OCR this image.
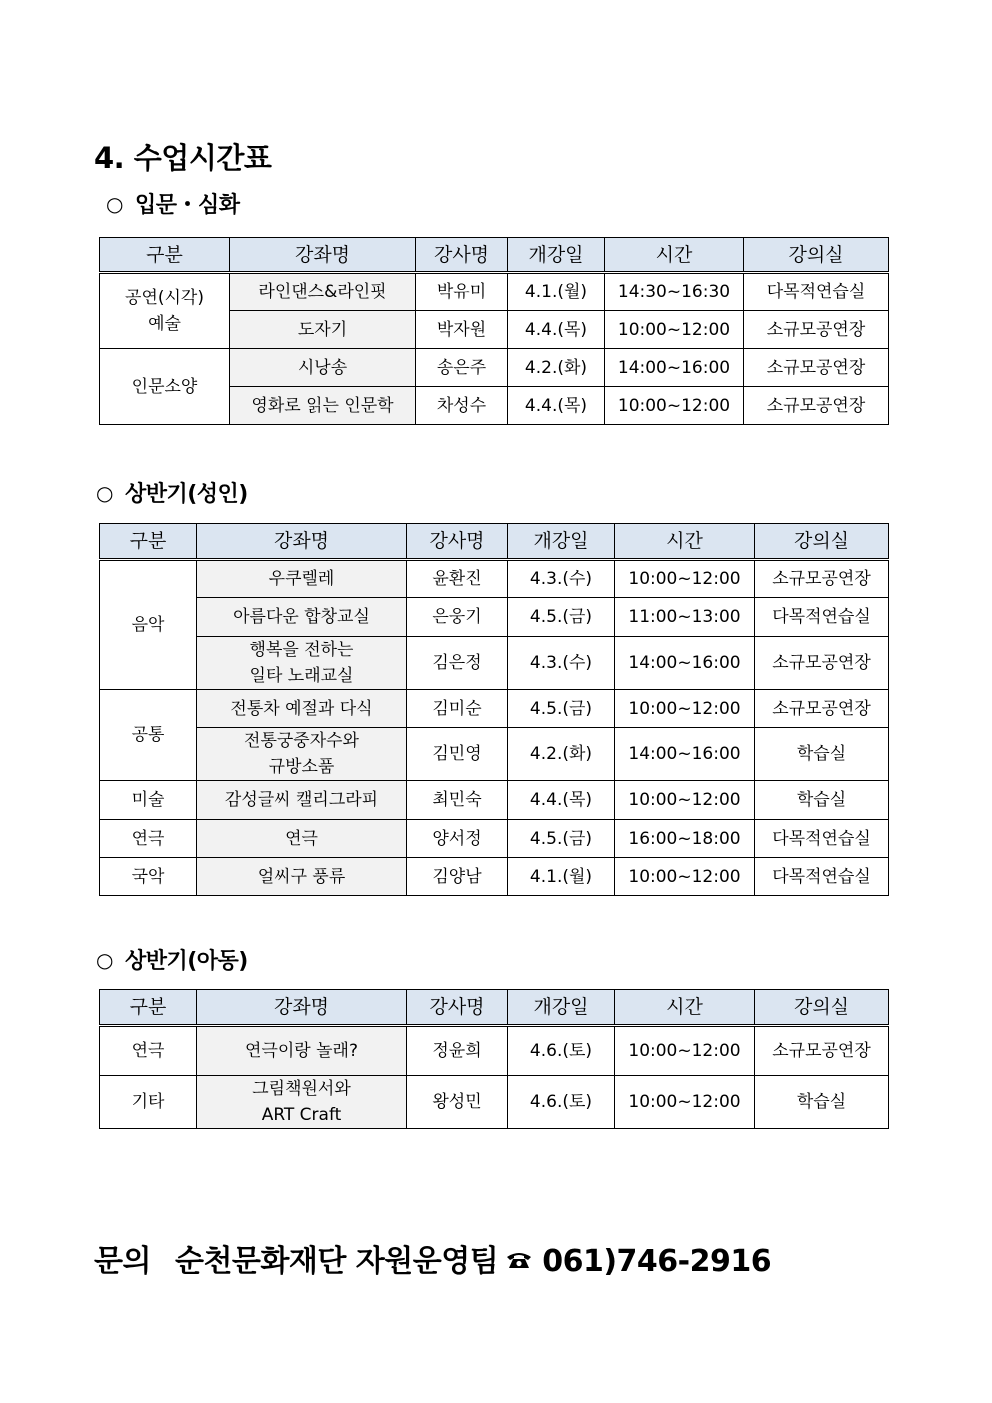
4. 수업시간표
○ 입문・심화
구분	강좌명	강사명	개강일	시간	강의실
공연(시각)
예술	라인댄스&라인핏	박유미	4.1.(월)	14:30~16:30	다목적연습실
	도자기	박자원	4.4.(목)	10:00~12:00	소규모공연장
인문소양	시낭송	송은주	4.2.(화)	14:00~16:00	소규모공연장
	영화로 읽는 인문학	차성수	4.4.(목)	10:00~12:00	소규모공연장
○ 상반기(성인)
구분	강좌명	강사명	개강일	시간	강의실
음악	우쿠렐레	윤환진	4.3.(수)	10:00~12:00	소규모공연장
	아름다운 합창교실	은웅기	4.5.(금)	11:00~13:00	다목적연습실
	행복을 전하는
일타 노래교실	김은정	4.3.(수)	14:00~16:00	소규모공연장
공통	전통차 예절과 다식	김미순	4.5.(금)	10:00~12:00	소규모공연장
	전통궁중자수와
규방소품	김민영	4.2.(화)	14:00~16:00	학습실
미술	감성글씨 캘리그라피	최민숙	4.4.(목)	10:00~12:00	학습실
연극	연극	양서정	4.5.(금)	16:00~18:00	다목적연습실
국악	얼씨구 풍류	김양남	4.1.(월)	10:00~12:00	다목적연습실
○ 상반기(아동)
구분	강좌명	강사명	개강일	시간	강의실
연극	연극이랑 놀래?	정윤희	4.6.(토)	10:00~12:00	소규모공연장
기타	그림책원서와
ART Craft	왕성민	4.6.(토)	10:00~12:00	학습실
문의 순천문화재단 자원운영팀 061)746-2916
